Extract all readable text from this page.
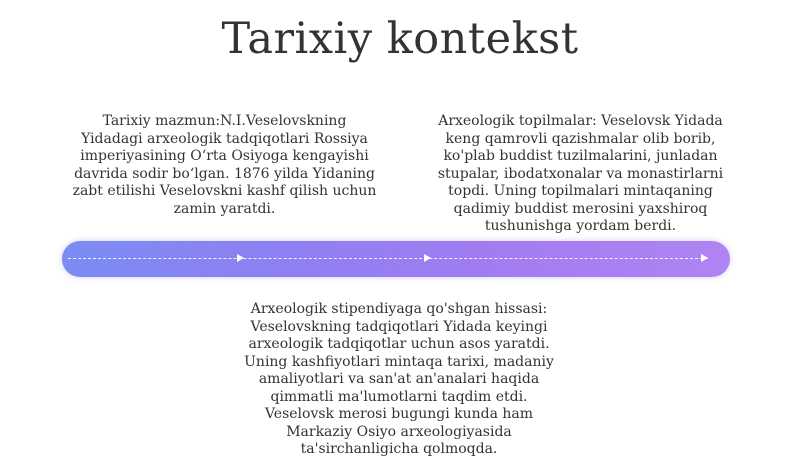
Tarixiy kontekst
Tarixiy mazmun:N.I.Veselovskning Yidadagi arxeologik tadqiqotlari Rossiya imperiyasining O‘rta Osiyoga kengayishi davrida sodir bo‘lgan. 1876 yilda Yidaning zabt etilishi Veselovskni kashf qilish uchun zamin yaratdi.
Arxeologik topilmalar: Veselovsk Yidada keng qamrovli qazishmalar olib borib, ko'plab buddist tuzilmalarini, junladan stupalar, ibodatxonalar va monastirlarni topdi. Uning topilmalari mintaqaning qadimiy buddist merosini yaxshiroq tushunishga yordam berdi.
Arxeologik stipendiyaga qo'shgan hissasi: Veselovskning tadqiqotlari Yidada keyingi arxeologik tadqiqotlar uchun asos yaratdi. Uning kashfiyotlari mintaqa tarixi, madaniy amaliyotlari va san'at an'analari haqida qimmatli ma'lumotlarni taqdim etdi. Veselovsk merosi bugungi kunda ham Markaziy Osiyo arxeologiyasida ta'sirchanligicha qolmoqda.
